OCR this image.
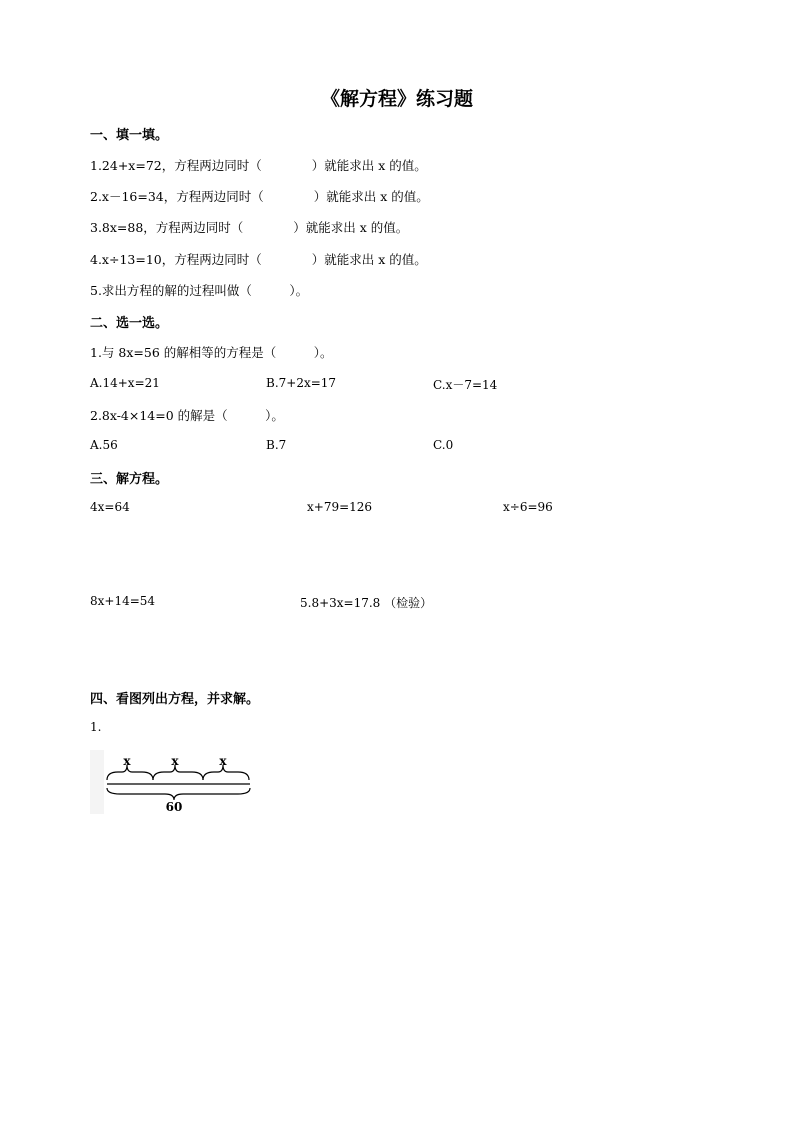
《解方程》练习题
一、填一填。
1.24+x=72，方程两边同时（　　　　）就能求出 x 的值。
2.x－16=34，方程两边同时（　　　　）就能求出 x 的值。
3.8x=88，方程两边同时（　　　　）就能求出 x 的值。
4.x÷13=10，方程两边同时（　　　　）就能求出 x 的值。
5.求出方程的解的过程叫做（　　　）。
二、选一选。
1.与 8x=56 的解相等的方程是（　　　）。
A.14+x=21	B.7+2x=17	C.x－7=14
2.8x-4×14=0 的解是（　　　）。
A.56	B.7	C.0
三、解方程。
4x=64	x+79=126	x÷6=96
8x+14=54	5.8+3x=17.8 （检验）
四、看图列出方程，并求解。
1.
x	x	x
60
